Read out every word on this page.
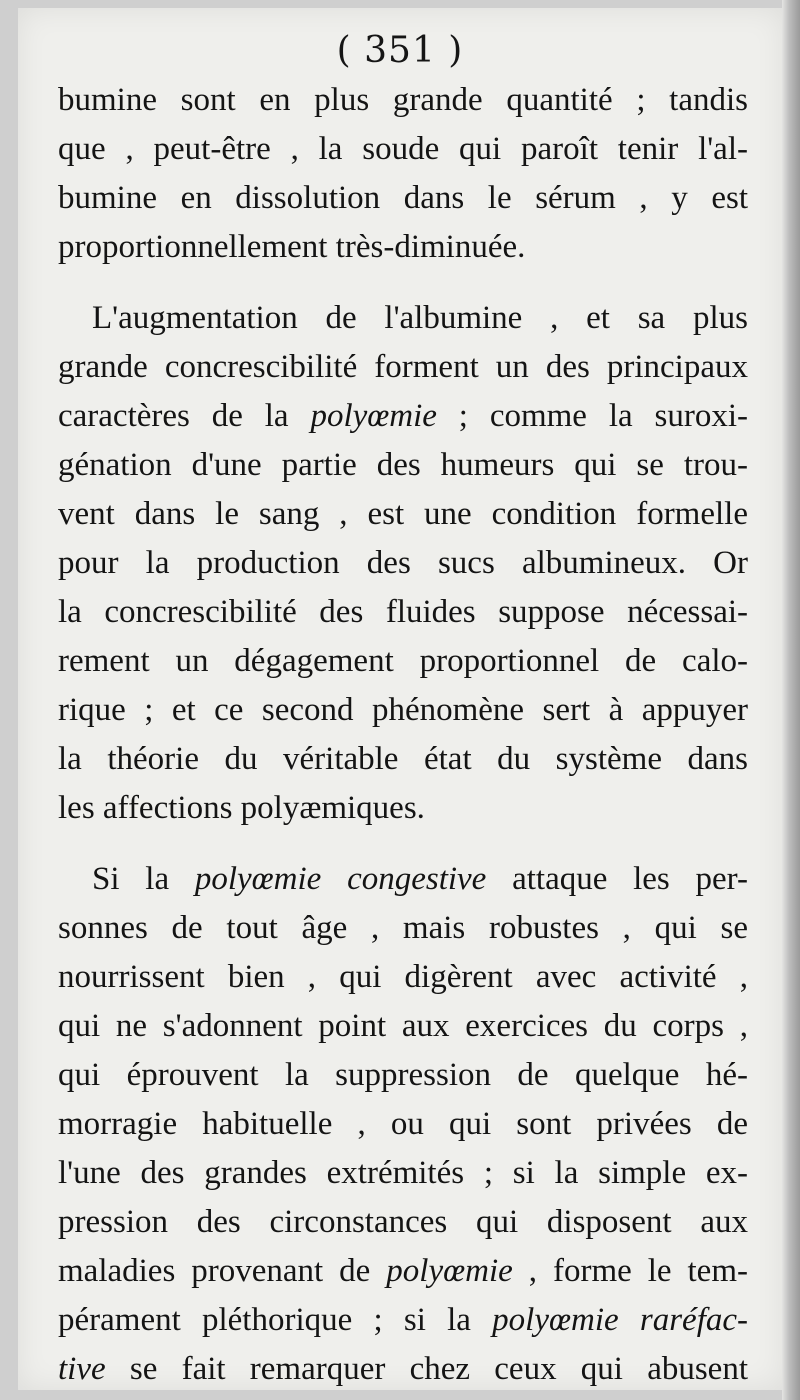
( 351 )
bumine sont en plus grande quantité ; tandis
que , peut-être , la soude qui paroît tenir l'al-
bumine en dissolution dans le sérum , y est
proportionnellement très-diminuée.
L'augmentation de l'albumine , et sa plus
grande concrescibilité forment un des principaux
caractères de la polyœmie ; comme la suroxi-
génation d'une partie des humeurs qui se trou-
vent dans le sang , est une condition formelle
pour la production des sucs albumineux. Or
la concrescibilité des fluides suppose nécessai-
rement un dégagement proportionnel de calo-
rique ; et ce second phénomène sert à appuyer
la théorie du véritable état du système dans
les affections polyæmiques.
Si la polyœmie congestive attaque les per-
sonnes de tout âge , mais robustes , qui se
nourrissent bien , qui digèrent avec activité ,
qui ne s'adonnent point aux exercices du corps ,
qui éprouvent la suppression de quelque hé-
morragie habituelle , ou qui sont privées de
l'une des grandes extrémités ; si la simple ex-
pression des circonstances qui disposent aux
maladies provenant de polyœmie , forme le tem-
pérament pléthorique ; si la polyœmie raréfac-
tive se fait remarquer chez ceux qui abusent
